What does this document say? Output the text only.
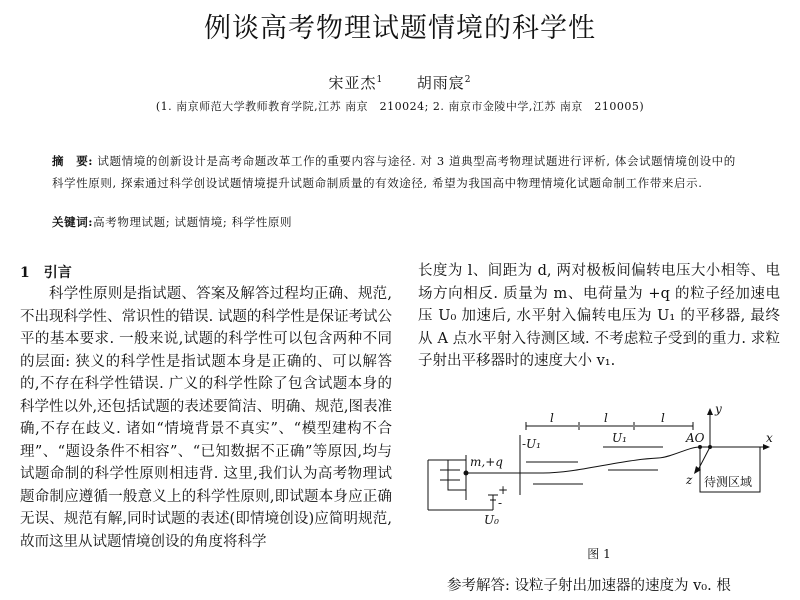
例谈高考物理试题情境的科学性
宋亚杰$^1$ 胡雨宸$^2$
(1. 南京师范大学教师教育学院,江苏 南京　210024; 2. 南京市金陵中学,江苏 南京　210005)
摘　要: 试题情境的创新设计是高考命题改革工作的重要内容与途径. 对 3 道典型高考物理试题进行评析, 体会试题情境创设中的科学性原则, 探索通过科学创设试题情境提升试题命制质量的有效途径, 希望为我国高中物理情境化试题命制工作带来启示.
关键词:高考物理试题; 试题情境; 科学性原则
1　引言

科学性原则是指试题、答案及解答过程均正确、规范,不出现科学性、常识性的错误. 试题的科学性是保证考试公平的基本要求. 一般来说,试题的科学性可以包含两种不同的层面: 狭义的科学性是指试题本身是正确的、可以解答的,不存在科学性错误. 广义的科学性除了包含试题本身的科学性以外,还包括试题的表述要简洁、明确、规范,图表准确,不存在歧义. 诸如“情境背景不真实”、“模型建构不合理”、“题设条件不相容”、“已知数据不正确”等原因,均与试题命制的科学性原则相违背. 这里,我们认为高考物理试题命制应遵循一般意义上的科学性原则,即试题本身应正确无误、规范有解,同时试题的表述(即情境创设)应简明规范,故而这里从试题情境创设的角度将科学

长度为 l、间距为 d, 两对极板间偏转电压大小相等、电场方向相反. 质量为 m、电荷量为 +q 的粒子经加速电压 U₀ 加速后, 水平射入偏转电压为 U₁ 的平移器, 最终从 A 点水平射入待测区域. 不考虑粒子受到的重力. 求粒子射出平移器时的速度大小 v₁.

l	l	l
U₁
-U₁
m,+q
+
-
U₀
y
x
z
AO
待测区域
图 1
参考解答: 设粒子射出加速器的速度为 v₀. 根
